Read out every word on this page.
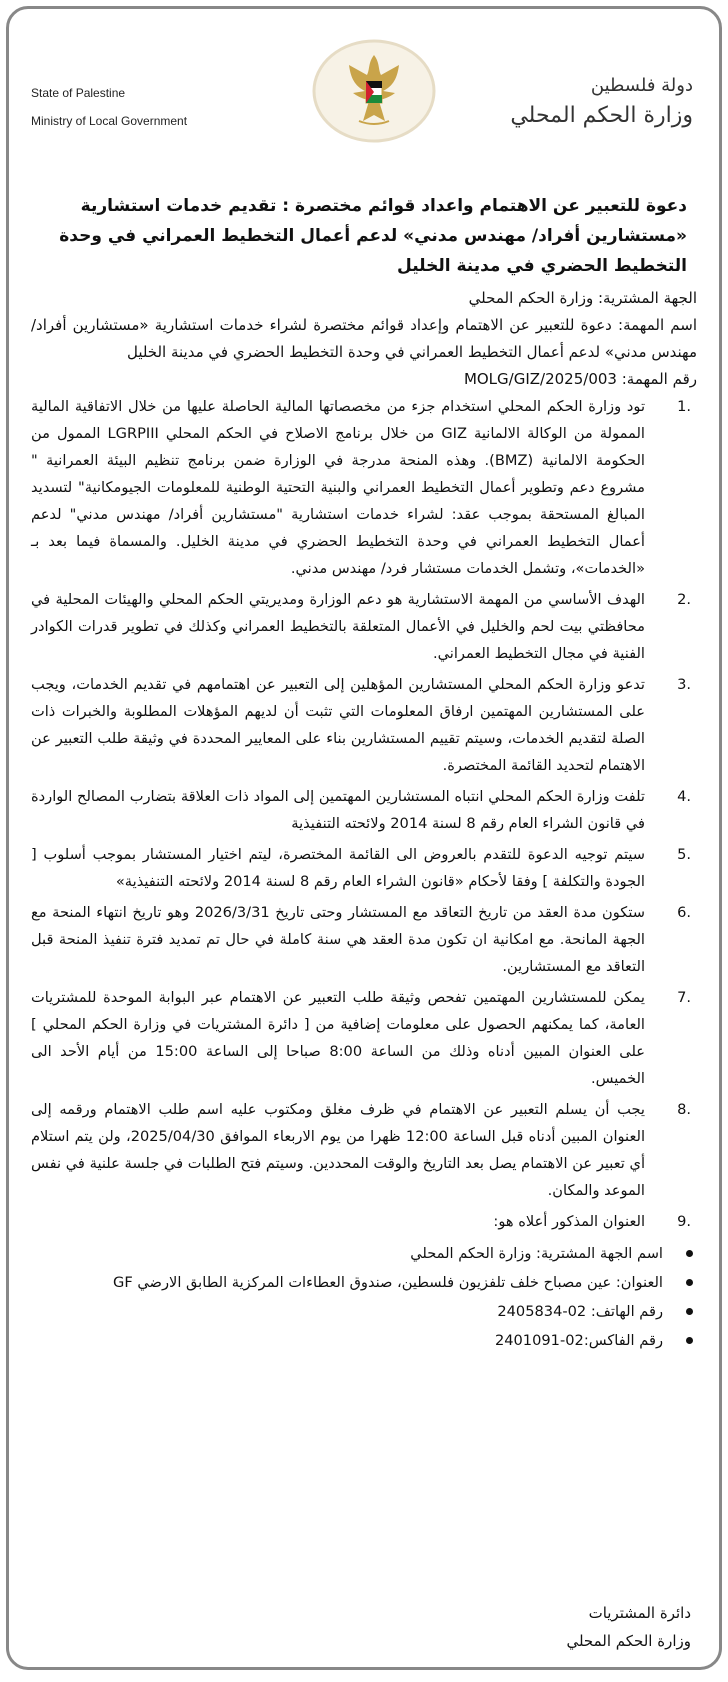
State of Palestine
Ministry of Local Government
دولة فلسطين
وزارة الحكم المحلي
دعوة للتعبير عن الاهتمام واعداد قوائم مختصرة : تقديم خدمات استشارية «مستشارين أفراد/ مهندس مدني» لدعم أعمال التخطيط العمراني في وحدة التخطيط الحضري في مدينة الخليل

الجهة المشترية: وزارة الحكم المحلي

اسم المهمة: دعوة للتعبير عن الاهتمام وإعداد قوائم مختصرة لشراء خدمات استشارية «مستشارين أفراد/ مهندس مدني» لدعم أعمال التخطيط العمراني في وحدة التخطيط الحضري في مدينة الخليل

رقم المهمة: MOLG/GIZ/2025/003

1.
تود وزارة الحكم المحلي استخدام جزء من مخصصاتها المالية الحاصلة عليها من خلال الاتفاقية المالية الممولة من الوكالة الالمانية GIZ من خلال برنامج الاصلاح في الحكم المحلي LGRPIII الممول من الحكومة الالمانية (BMZ). وهذه المنحة مدرجة في الوزارة ضمن برنامج تنظيم البيئة العمرانية " مشروع دعم وتطوير أعمال التخطيط العمراني والبنية التحتية الوطنية للمعلومات الجيومكانية" لتسديد المبالغ المستحقة بموجب عقد: لشراء خدمات استشارية "مستشارين أفراد/ مهندس مدني" لدعم أعمال التخطيط العمراني في وحدة التخطيط الحضري في مدينة الخليل. والمسماة فيما بعد بـ «الخدمات»، وتشمل الخدمات مستشار فرد/ مهندس مدني.
2.
الهدف الأساسي من المهمة الاستشارية هو دعم الوزارة ومديريتي الحكم المحلي والهيئات المحلية في محافظتي بيت لحم والخليل في الأعمال المتعلقة بالتخطيط العمراني وكذلك في تطوير قدرات الكوادر الفنية في مجال التخطيط العمراني.
3.
تدعو وزارة الحكم المحلي المستشارين المؤهلين إلى التعبير عن اهتمامهم في تقديم الخدمات، ويجب على المستشارين المهتمين ارفاق المعلومات التي تثبت أن لديهم المؤهلات المطلوبة والخبرات ذات الصلة لتقديم الخدمات، وسيتم تقييم المستشارين بناء على المعايير المحددة في وثيقة طلب التعبير عن الاهتمام لتحديد القائمة المختصرة.
4.
تلفت وزارة الحكم المحلي انتباه المستشارين المهتمين إلى المواد ذات العلاقة بتضارب المصالح الواردة في قانون الشراء العام رقم 8 لسنة 2014 ولائحته التنفيذية
5.
سيتم توجيه الدعوة للتقدم بالعروض الى القائمة المختصرة، ليتم اختيار المستشار بموجب أسلوب [ الجودة والتكلفة ] وفقا لأحكام «قانون الشراء العام رقم 8 لسنة 2014 ولائحته التنفيذية»
6.
ستكون مدة العقد من تاريخ التعاقد مع المستشار وحتى تاريخ 2026/3/31 وهو تاريخ انتهاء المنحة مع الجهة المانحة. مع امكانية ان تكون مدة العقد هي سنة كاملة في حال تم تمديد فترة تنفيذ المنحة قبل التعاقد مع المستشارين.
7.
يمكن للمستشارين المهتمين تفحص وثيقة طلب التعبير عن الاهتمام عبر البوابة الموحدة للمشتريات العامة، كما يمكنهم الحصول على معلومات إضافية من [ دائرة المشتريات في وزارة الحكم المحلي ] على العنوان المبين أدناه وذلك من الساعة 8:00 صباحا إلى الساعة 15:00 من أيام الأحد الى الخميس.
8.
يجب أن يسلم التعبير عن الاهتمام في ظرف مغلق ومكتوب عليه اسم طلب الاهتمام ورقمه إلى العنوان المبين أدناه قبل الساعة 12:00 ظهرا من يوم الاربعاء الموافق 2025/04/30، ولن يتم استلام أي تعبير عن الاهتمام يصل بعد التاريخ والوقت المحددين. وسيتم فتح الطلبات في جلسة علنية في نفس الموعد والمكان.
9.
العنوان المذكور أعلاه هو:
اسم الجهة المشترية: وزارة الحكم المحلي
العنوان: عين مصباح خلف تلفزيون فلسطين، صندوق العطاءات المركزية الطابق الارضي GF
رقم الهاتف: 02-2405834
رقم الفاكس:02-2401091
دائرة المشتريات
وزارة الحكم المحلي
